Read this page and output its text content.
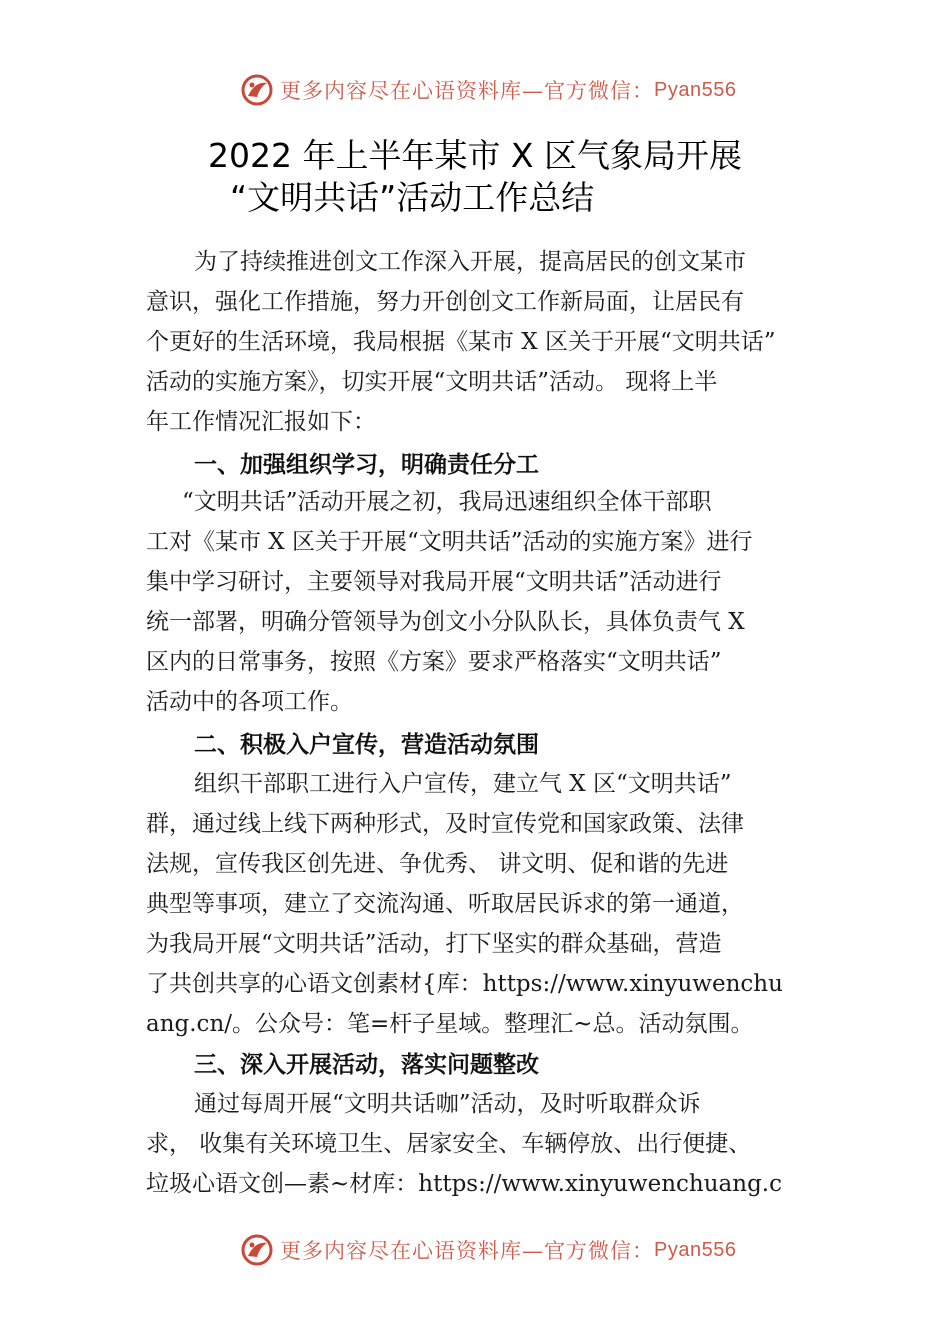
更多内容尽在心语资料库—官方微信： Pyan556
2022 年上半年某市 X 区气象局开展
“文明共话”活动工作总结
为了持续推进创文工作深入开展，提高居民的创文某市
意识，强化工作措施，努力开创创文工作新局面，让居民有
个更好的生活环境，我局根据《某市 X 区关于开展“文明共话”
活动的实施方案》，切实开展“文明共话”活动。 现将上半
年工作情况汇报如下：
一、加强组织学习，明确责任分工
“文明共话”活动开展之初，我局迅速组织全体干部职
工对《某市 X 区关于开展“文明共话”活动的实施方案》进行
集中学习研讨，主要领导对我局开展“文明共话”活动进行
统一部署，明确分管领导为创文小分队队长，具体负责气 X
区内的日常事务，按照《方案》要求严格落实“文明共话”
活动中的各项工作。
二、积极入户宣传，营造活动氛围
组织干部职工进行入户宣传，建立气 X 区“文明共话”
群，通过线上线下两种形式，及时宣传党和国家政策、法律
法规，宣传我区创先进、争优秀、 讲文明、促和谐的先进
典型等事项，建立了交流沟通、听取居民诉求的第一通道，
为我局开展“文明共话”活动，打下坚实的群众基础，营造
了共创共享的心语文创素材{库：https://www.xinyuwenchu
ang.cn/。公众号：笔=杆子星域。整理汇~总。活动氛围。
三、深入开展活动，落实问题整改
通过每周开展“文明共话咖”活动，及时听取群众诉
求， 收集有关环境卫生、居家安全、车辆停放、出行便捷、
垃圾心语文创—素~材库：https://www.xinyuwenchuang.c
更多内容尽在心语资料库—官方微信： Pyan556
